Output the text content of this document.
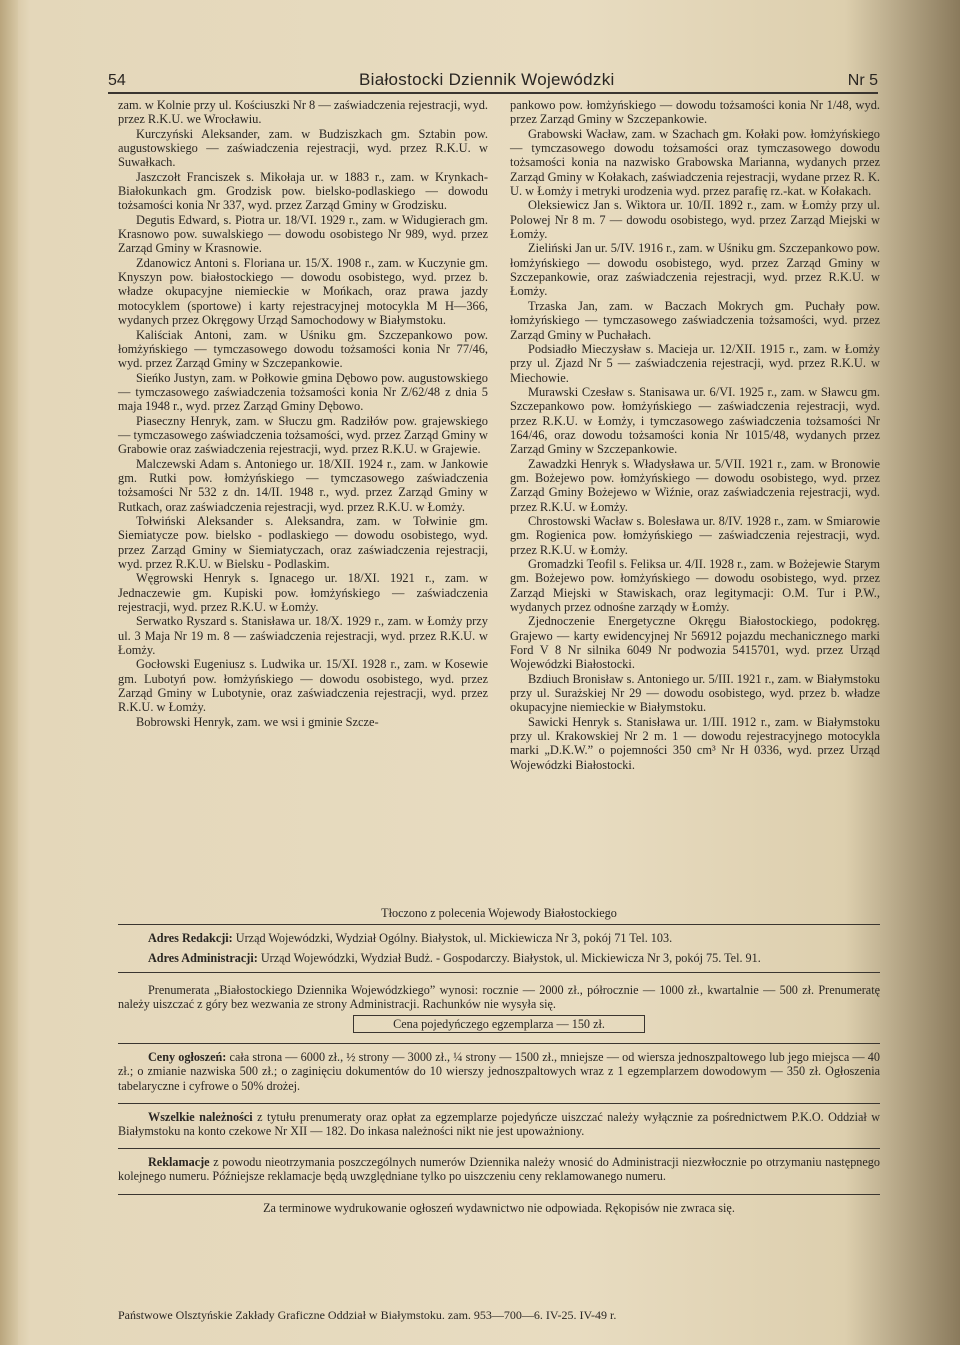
54	Białostocki Dziennik Wojewódzki	Nr 5

zam. w Kolnie przy ul. Kościuszki Nr 8 — zaświadczenia rejestracji, wyd. przez R.K.U. we Wrocławiu.

Kurczyński Aleksander, zam. w Budziszkach gm. Sztabin pow. augustowskiego — zaświadczenia rejestracji, wyd. przez R.K.U. w Suwałkach.

Jaszczołt Franciszek s. Mikołaja ur. w 1883 r., zam. w Krynkach-Białokunkach gm. Grodzisk pow. bielsko-podlaskiego — dowodu tożsamości konia Nr 337, wyd. przez Zarząd Gminy w Grodzisku.

Degutis Edward, s. Piotra ur. 18/VI. 1929 r., zam. w Widugierach gm. Krasnowo pow. suwalskiego — dowodu osobistego Nr 989, wyd. przez Zarząd Gminy w Krasnowie.

Zdanowicz Antoni s. Floriana ur. 15/X. 1908 r., zam. w Kuczynie gm. Knyszyn pow. białostockiego — dowodu osobistego, wyd. przez b. władze okupacyjne niemieckie w Mońkach, oraz prawa jazdy motocyklem (sportowe) i karty rejestracyjnej motocykla M H—366, wydanych przez Okręgowy Urząd Samochodowy w Białymstoku.

Kaliściak Antoni, zam. w Uśniku gm. Szczepankowo pow. łomżyńskiego — tymczasowego dowodu tożsamości konia Nr 77/46, wyd. przez Zarząd Gminy w Szczepankowie.

Sieńko Justyn, zam. w Połkowie gmina Dębowo pow. augustowskiego — tymczasowego zaświadczenia tożsamości konia Nr Z/62/48 z dnia 5 maja 1948 r., wyd. przez Zarząd Gminy Dębowo.

Piaseczny Henryk, zam. w Słuczu gm. Radziłów pow. grajewskiego — tymczasowego zaświadczenia tożsamości, wyd. przez Zarząd Gminy w Grabowie oraz zaświadczenia rejestracji, wyd. przez R.K.U. w Grajewie.

Malczewski Adam s. Antoniego ur. 18/XII. 1924 r., zam. w Jankowie gm. Rutki pow. łomżyńskiego — tymczasowego zaświadczenia tożsamości Nr 532 z dn. 14/II. 1948 r., wyd. przez Zarząd Gminy w Rutkach, oraz zaświadczenia rejestracji, wyd. przez R.K.U. w Łomży.

Tołwiński Aleksander s. Aleksandra, zam. w Tołwinie gm. Siemiatycze pow. bielsko - podlaskiego — dowodu osobistego, wyd. przez Zarząd Gminy w Siemiatyczach, oraz zaświadczenia rejestracji, wyd. przez R.K.U. w Bielsku - Podlaskim.

Węgrowski Henryk s. Ignacego ur. 18/XI. 1921 r., zam. w Jednaczewie gm. Kupiski pow. łomżyńskiego — zaświadczenia rejestracji, wyd. przez R.K.U. w Łomży.

Serwatko Ryszard s. Stanisława ur. 18/X. 1929 r., zam. w Łomży przy ul. 3 Maja Nr 19 m. 8 — zaświadczenia rejestracji, wyd. przez R.K.U. w Łomży.

Gocłowski Eugeniusz s. Ludwika ur. 15/XI. 1928 r., zam. w Kosewie gm. Lubotyń pow. łomżyńskiego — dowodu osobistego, wyd. przez Zarząd Gminy w Lubotynie, oraz zaświadczenia rejestracji, wyd. przez R.K.U. w Łomży.

Bobrowski Henryk, zam. we wsi i gminie Szcze-

pankowo pow. łomżyńskiego — dowodu tożsamości konia Nr 1/48, wyd. przez Zarząd Gminy w Szczepankowie.

Grabowski Wacław, zam. w Szachach gm. Kołaki pow. łomżyńskiego — tymczasowego dowodu tożsamości oraz tymczasowego dowodu tożsamości konia na nazwisko Grabowska Marianna, wydanych przez Zarząd Gminy w Kołakach, zaświadczenia rejestracji, wydane przez R. K. U. w Łomży i metryki urodzenia wyd. przez parafię rz.-kat. w Kołakach.

Oleksiewicz Jan s. Wiktora ur. 10/II. 1892 r., zam. w Łomży przy ul. Polowej Nr 8 m. 7 — dowodu osobistego, wyd. przez Zarząd Miejski w Łomży.

Zieliński Jan ur. 5/IV. 1916 r., zam. w Uśniku gm. Szczepankowo pow. łomżyńskiego — dowodu osobistego, wyd. przez Zarząd Gminy w Szczepankowie, oraz zaświadczenia rejestracji, wyd. przez R.K.U. w Łomży.

Trzaska Jan, zam. w Baczach Mokrych gm. Puchały pow. łomżyńskiego — tymczasowego zaświadczenia tożsamości, wyd. przez Zarząd Gminy w Puchałach.

Podsiadło Mieczysław s. Macieja ur. 12/XII. 1915 r., zam. w Łomży przy ul. Zjazd Nr 5 — zaświadczenia rejestracji, wyd. przez R.K.U. w Miechowie.

Murawski Czesław s. Stanisawa ur. 6/VI. 1925 r., zam. w Sławcu gm. Szczepankowo pow. łomżyńskiego — zaświadczenia rejestracji, wyd. przez R.K.U. w Łomży, i tymczasowego zaświadczenia tożsamości Nr 164/46, oraz dowodu tożsamości konia Nr 1015/48, wydanych przez Zarząd Gminy w Szczepankowie.

Zawadzki Henryk s. Władysława ur. 5/VII. 1921 r., zam. w Bronowie gm. Bożejewo pow. łomżyńskiego — dowodu osobistego, wyd. przez Zarząd Gminy Bożejewo w Wiźnie, oraz zaświadczenia rejestracji, wyd. przez R.K.U. w Łomży.

Chrostowski Wacław s. Bolesława ur. 8/IV. 1928 r., zam. w Smiarowie gm. Rogienica pow. łomżyńskiego — zaświadczenia rejestracji, wyd. przez R.K.U. w Łomży.

Gromadzki Teofil s. Feliksa ur. 4/II. 1928 r., zam. w Bożejewie Starym gm. Bożejewo pow. łomżyńskiego — dowodu osobistego, wyd. przez Zarząd Miejski w Stawiskach, oraz legitymacji: O.M. Tur i P.W., wydanych przez odnośne zarządy w Łomży.

Zjednoczenie Energetyczne Okręgu Białostockiego, podokręg. Grajewo — karty ewidencyjnej Nr 56912 pojazdu mechanicznego marki Ford V 8 Nr silnika 6049 Nr podwozia 5415701, wyd. przez Urząd Wojewódzki Białostocki.

Bzdiuch Bronisław s. Antoniego ur. 5/III. 1921 r., zam. w Białymstoku przy ul. Surażskiej Nr 29 — dowodu osobistego, wyd. przez b. władze okupacyjne niemieckie w Białymstoku.

Sawicki Henryk s. Stanisława ur. 1/III. 1912 r., zam. w Białymstoku przy ul. Krakowskiej Nr 2 m. 1 — dowodu rejestracyjnego motocykla marki „D.K.W.” o pojemności 350 cm³ Nr H 0336, wyd. przez Urząd Wojewódzki Białostocki.

Tłoczono z polecenia Wojewody Białostockiego
Adres Redakcji: Urząd Wojewódzki, Wydział Ogólny. Białystok, ul. Mickiewicza Nr 3, pokój 71 Tel. 103.
Adres Administracji: Urząd Wojewódzki, Wydział Budż. - Gospodarczy. Białystok, ul. Mickiewicza Nr 3, pokój 75. Tel. 91.
Prenumerata „Białostockiego Dziennika Wojewódzkiego” wynosi: rocznie — 2000 zł., półrocznie — 1000 zł., kwartalnie — 500 zł. Prenumeratę należy uiszczać z góry bez wezwania ze strony Administracji. Rachunków nie wysyła się.
Cena pojedyńczego egzemplarza — 150 zł.
Ceny ogłoszeń: cała strona — 6000 zł., ½ strony — 3000 zł., ¼ strony — 1500 zł., mniejsze — od wiersza jednoszpaltowego lub jego miejsca — 40 zł.; o zmianie nazwiska 500 zł.; o zaginięciu dokumentów do 10 wierszy jednoszpaltowych wraz z 1 egzemplarzem dowodowym — 350 zł. Ogłoszenia tabelaryczne i cyfrowe o 50% drożej.
Wszelkie należności z tytułu prenumeraty oraz opłat za egzemplarze pojedyńcze uiszczać należy wyłącznie za pośrednictwem P.K.O. Oddział w Białymstoku na konto czekowe Nr XII — 182. Do inkasa należności nikt nie jest upoważniony.
Reklamacje z powodu nieotrzymania poszczególnych numerów Dziennika należy wnosić do Administracji niezwłocznie po otrzymaniu następnego kolejnego numeru. Późniejsze reklamacje będą uwzględniane tylko po uiszczeniu ceny reklamowanego numeru.
Za terminowe wydrukowanie ogłoszeń wydawnictwo nie odpowiada. Rękopisów nie zwraca się.
Państwowe Olsztyńskie Zakłady Graficzne Oddział w Białymstoku. zam. 953—700—6. IV-25. IV-49 r.
